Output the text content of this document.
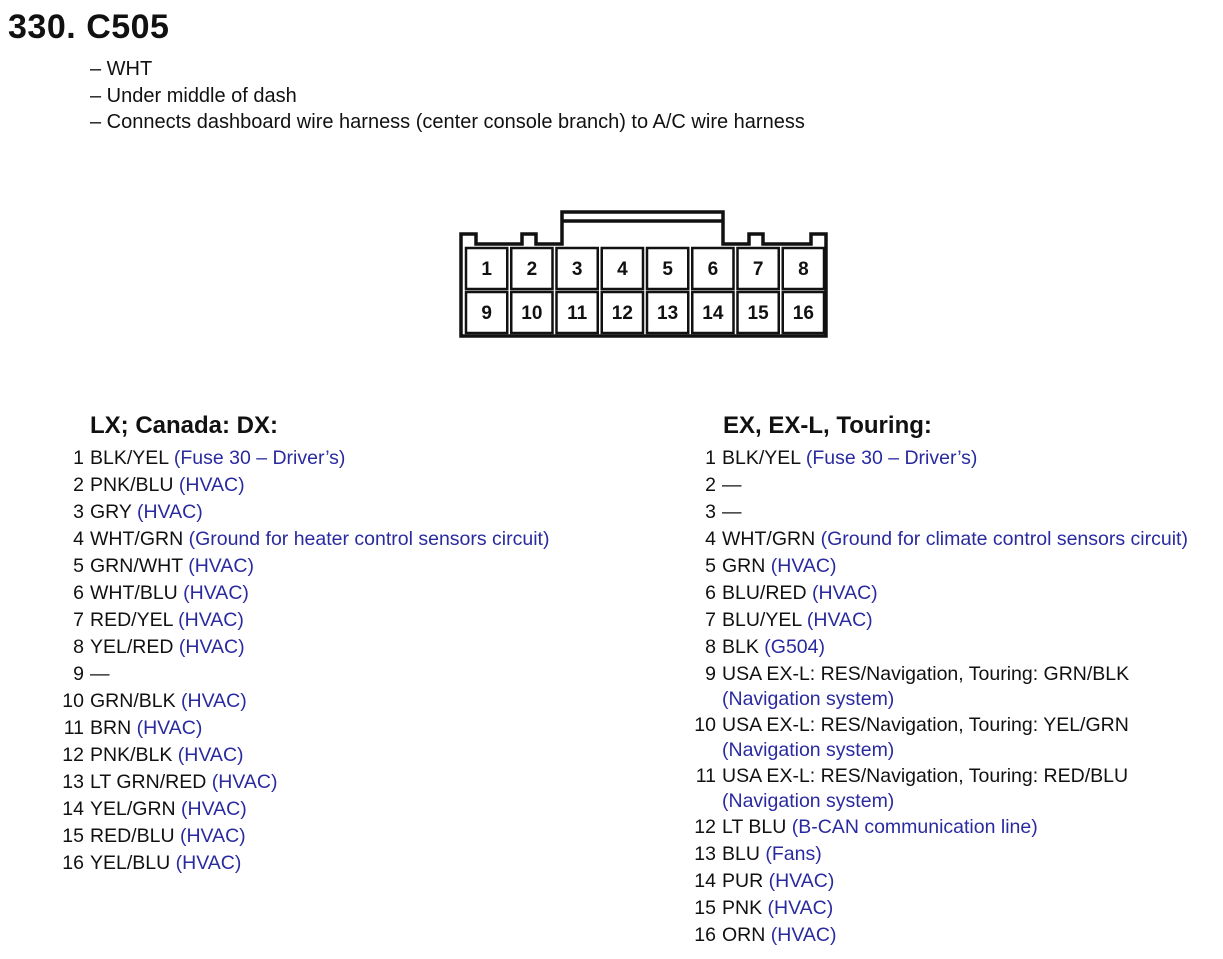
330. C505
– WHT
– Under middle of dash
– Connects dashboard wire harness (center console branch) to A/C wire harness
1 2 3 4 5 6 7 8
9 10 11 12 13 14 15 16
LX; Canada: DX:
1 BLK/YEL (Fuse 30 – Driver’s)
2 PNK/BLU (HVAC)
3 GRY (HVAC)
4 WHT/GRN (Ground for heater control sensors circuit)
5 GRN/WHT (HVAC)
6 WHT/BLU (HVAC)
7 RED/YEL (HVAC)
8 YEL/RED (HVAC)
9 —
10 GRN/BLK (HVAC)
11 BRN (HVAC)
12 PNK/BLK (HVAC)
13 LT GRN/RED (HVAC)
14 YEL/GRN (HVAC)
15 RED/BLU (HVAC)
16 YEL/BLU (HVAC)
EX, EX-L, Touring:
1 BLK/YEL (Fuse 30 – Driver’s)
2 —
3 —
4 WHT/GRN (Ground for climate control sensors circuit)
5 GRN (HVAC)
6 BLU/RED (HVAC)
7 BLU/YEL (HVAC)
8 BLK (G504)
9 USA EX-L: RES/Navigation, Touring: GRN/BLK
(Navigation system)
10 USA EX-L: RES/Navigation, Touring: YEL/GRN
(Navigation system)
11 USA EX-L: RES/Navigation, Touring: RED/BLU
(Navigation system)
12 LT BLU (B-CAN communication line)
13 BLU (Fans)
14 PUR (HVAC)
15 PNK (HVAC)
16 ORN (HVAC)
